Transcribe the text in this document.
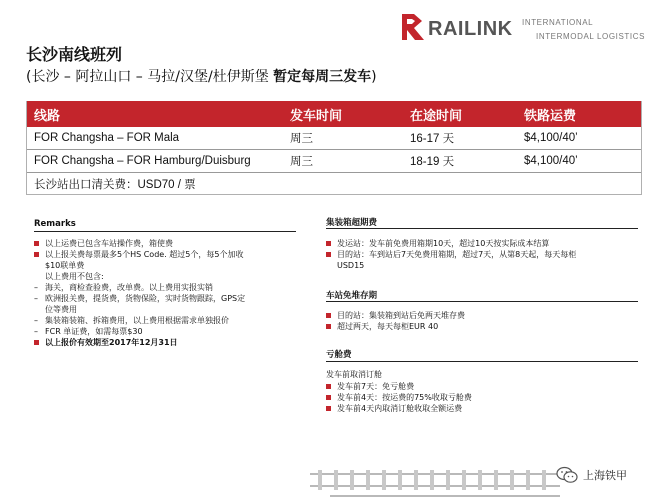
RAILINK INTERNATIONAL
INTERMODAL LOGISTICS
长沙南线班列
(长沙 – 阿拉山口 – 马拉/汉堡/杜伊斯堡 暂定每周三发车)
线路	发车时间	在途时间	铁路运费
FOR Changsha – FOR Mala	周三	16-17 天	$4,100/40’
FOR Changsha – FOR Hamburg/Duisburg	周三	18-19 天	$4,100/40’
长沙站出口清关费：USD70 / 票			
Remarks
以上运费已包含车站操作费，箱使费
以上报关费每票最多5个HS Code. 超过5个，每5个加收
$10联单费
以上费用不包含:
– 海关，商检查验费，改单费。以上费用实报实销
– 欧洲报关费，提货费，货物保险，实时货物跟踪，GPS定
位等费用
– 集装箱装箱、拆箱费用，以上费用根据需求单独报价
– FCR 单证费，如需每票$30
以上报价有效期至2017年12月31日
集装箱超期费
发运站：发车前免费用箱期10天，超过10天按实际成本结算
目的站：车到站后7天免费用箱期，超过7天，从第8天起，每天每柜
USD15
车站免堆存期
目的站：集装箱到站后免两天堆存费
超过两天，每天每柜EUR 40
亏舱费
发车前取消订舱
发车前7天：免亏舱费
发车前4天：按运费的75%收取亏舱费
发车前4天内取消订舱收取全额运费
上海铁甲
